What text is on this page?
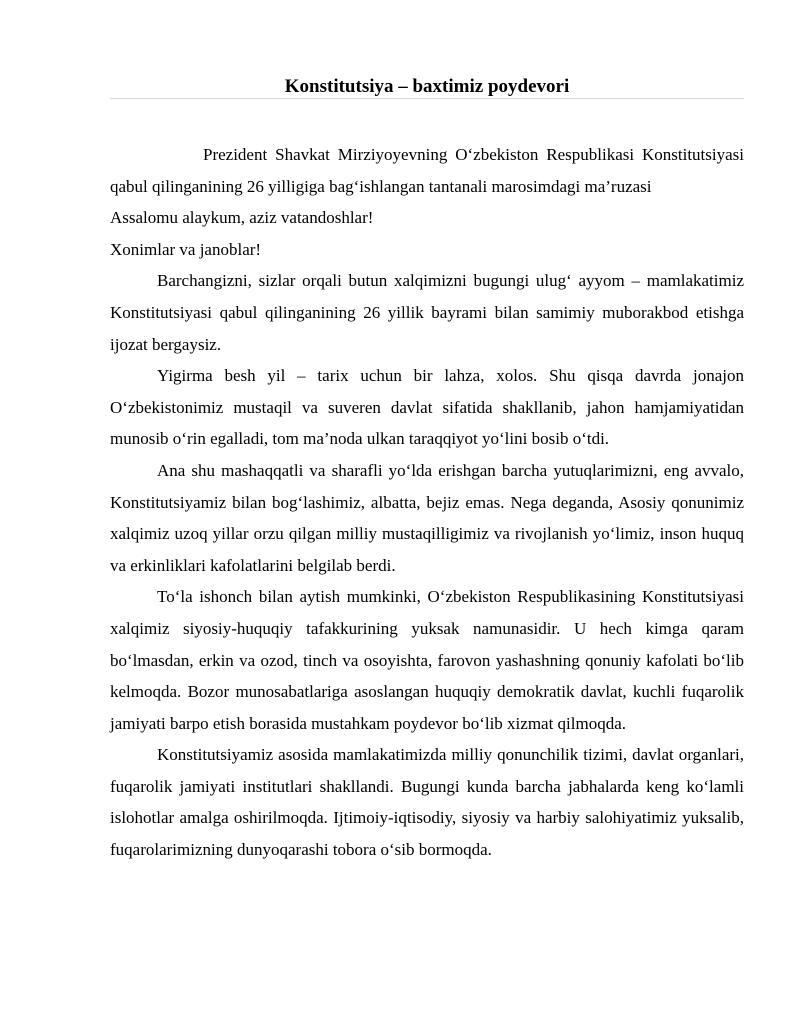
Konstitutsiya – baxtimiz poydevori

Prezident Shavkat Mirziyoyevning O‘zbekiston Respublikasi Konstitutsiyasi qabul qilinganining 26 yilligiga bag‘ishlangan tantanali marosimdagi ma’ruzasi

Assalomu alaykum, aziz vatandoshlar!

Xonimlar va janoblar!

Barchangizni, sizlar orqali butun xalqimizni bugungi ulug‘ ayyom – mamlakatimiz Konstitutsiyasi qabul qilinganining 26 yillik bayrami bilan samimiy muborakbod etishga ijozat bergaysiz.

Yigirma besh yil – tarix uchun bir lahza, xolos. Shu qisqa davrda jonajon O‘zbekistonimiz mustaqil va suveren davlat sifatida shakllanib, jahon hamjamiyatidan munosib o‘rin egalladi, tom ma’noda ulkan taraqqiyot yo‘lini bosib o‘tdi.

Ana shu mashaqqatli va sharafli yo‘lda erishgan barcha yutuqlarimizni, eng avvalo, Konstitutsiyamiz bilan bog‘lashimiz, albatta, bejiz emas. Nega deganda, Asosiy qonunimiz xalqimiz uzoq yillar orzu qilgan milliy mustaqilligimiz va rivojlanish yo‘limiz, inson huquq va erkinliklari kafolatlarini belgilab berdi.

To‘la ishonch bilan aytish mumkinki, O‘zbekiston Respublikasining Konstitutsiyasi xalqimiz siyosiy-huquqiy tafakkurining yuksak namunasidir. U hech kimga qaram bo‘lmasdan, erkin va ozod, tinch va osoyishta, farovon yashashning qonuniy kafolati bo‘lib kelmoqda. Bozor munosabatlariga asoslangan huquqiy demokratik davlat, kuchli fuqarolik jamiyati barpo etish borasida mustahkam poydevor bo‘lib xizmat qilmoqda.

Konstitutsiyamiz asosida mamlakatimizda milliy qonunchilik tizimi, davlat organlari, fuqarolik jamiyati institutlari shakllandi. Bugungi kunda barcha jabhalarda keng ko‘lamli islohotlar amalga oshirilmoqda. Ijtimoiy-iqtisodiy, siyosiy va harbiy salohiyatimiz yuksalib, fuqarolarimizning dunyoqarashi tobora o‘sib bormoqda.
